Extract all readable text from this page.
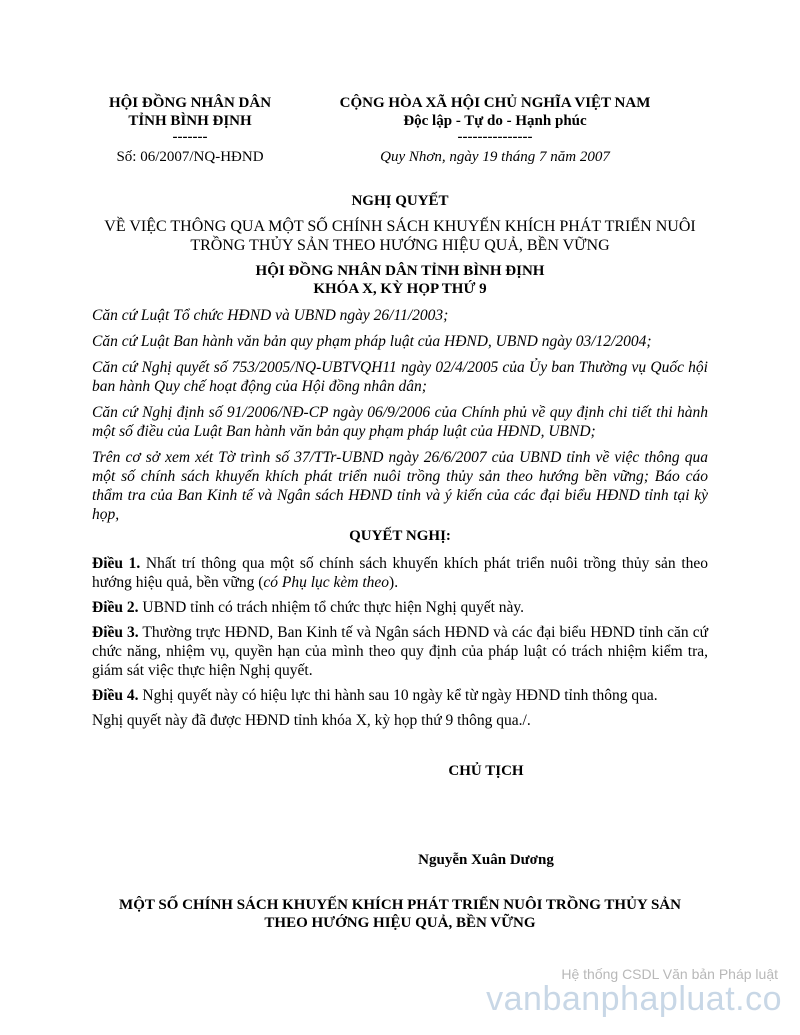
HỘI ĐỒNG NHÂN DÂN
TỈNH BÌNH ĐỊNH
-------
Số: 06/2007/NQ-HĐND
CỘNG HÒA XÃ HỘI CHỦ NGHĨA VIỆT NAM
Độc lập - Tự do - Hạnh phúc
---------------
Quy Nhơn, ngày 19 tháng 7 năm 2007
NGHỊ QUYẾT
VỀ VIỆC THÔNG QUA MỘT SỐ CHÍNH SÁCH KHUYẾN KHÍCH PHÁT TRIỂN NUÔI
TRỒNG THỦY SẢN THEO HƯỚNG HIỆU QUẢ, BỀN VỮNG
HỘI ĐỒNG NHÂN DÂN TỈNH BÌNH ĐỊNH
KHÓA X, KỲ HỌP THỨ 9
Căn cứ Luật Tổ chức HĐND và UBND ngày 26/11/2003;
Căn cứ Luật Ban hành văn bản quy phạm pháp luật của HĐND, UBND ngày 03/12/2004;
Căn cứ Nghị quyết số 753/2005/NQ-UBTVQH11 ngày 02/4/2005 của Ủy ban Thường vụ Quốc hội ban hành Quy chế hoạt động của Hội đồng nhân dân;
Căn cứ Nghị định số 91/2006/NĐ-CP ngày 06/9/2006 của Chính phủ về quy định chi tiết thi hành một số điều của Luật Ban hành văn bản quy phạm pháp luật của HĐND, UBND;
Trên cơ sở xem xét Tờ trình số 37/TTr-UBND ngày 26/6/2007 của UBND tỉnh về việc thông qua một số chính sách khuyến khích phát triển nuôi trồng thủy sản theo hướng bền vững; Báo cáo thẩm tra của Ban Kinh tế và Ngân sách HĐND tỉnh và ý kiến của các đại biểu HĐND tỉnh tại kỳ họp,
QUYẾT NGHỊ:
Điều 1. Nhất trí thông qua một số chính sách khuyến khích phát triển nuôi trồng thủy sản theo hướng hiệu quả, bền vững (có Phụ lục kèm theo).
Điều 2. UBND tỉnh có trách nhiệm tổ chức thực hiện Nghị quyết này.
Điều 3. Thường trực HĐND, Ban Kinh tế và Ngân sách HĐND và các đại biểu HĐND tỉnh căn cứ chức năng, nhiệm vụ, quyền hạn của mình theo quy định của pháp luật có trách nhiệm kiểm tra, giám sát việc thực hiện Nghị quyết.
Điều 4. Nghị quyết này có hiệu lực thi hành sau 10 ngày kể từ ngày HĐND tỉnh thông qua.
Nghị quyết này đã được HĐND tỉnh khóa X, kỳ họp thứ 9 thông qua./.
CHỦ TỊCH
Nguyễn Xuân Dương
MỘT SỐ CHÍNH SÁCH KHUYẾN KHÍCH PHÁT TRIỂN NUÔI TRỒNG THỦY SẢN
THEO HƯỚNG HIỆU QUẢ, BỀN VỮNG
Hệ thống CSDL Văn bản Pháp luật
vanbanphapluat.co
